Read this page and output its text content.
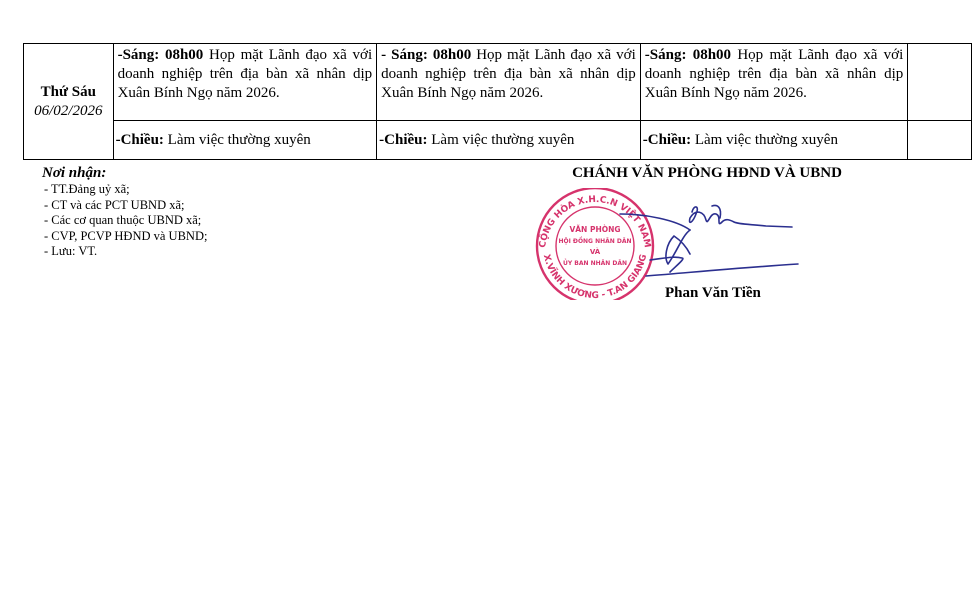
Thứ Sáu
06/02/2026	-Sáng: 08h00 Họp mặt Lãnh đạo xã với doanh nghiệp trên địa bàn xã nhân dịp Xuân Bính Ngọ năm 2026.	- Sáng: 08h00 Họp mặt Lãnh đạo xã với doanh nghiệp trên địa bàn xã nhân dịp Xuân Bính Ngọ năm 2026.	-Sáng: 08h00 Họp mặt Lãnh đạo xã với doanh nghiệp trên địa bàn xã nhân dịp Xuân Bính Ngọ năm 2026.	
	-Chiều: Làm việc thường xuyên	-Chiều: Làm việc thường xuyên	-Chiều: Làm việc thường xuyên	
Nơi nhận:
- TT.Đảng uỷ xã;
- CT và các PCT UBND xã;
- Các cơ quan thuộc UBND xã;
- CVP, PCVP HĐND và UBND;
- Lưu: VT.
CHÁNH VĂN PHÒNG HĐND VÀ UBND
CỘNG HÒA X.H.C.N VIỆT NAM
X.VĨNH XƯƠNG - T.AN GIANG
VĂN PHÒNG
HỘI ĐỒNG NHÂN DÂN
VÀ
ỦY BAN NHÂN DÂN
Phan Văn Tiền
